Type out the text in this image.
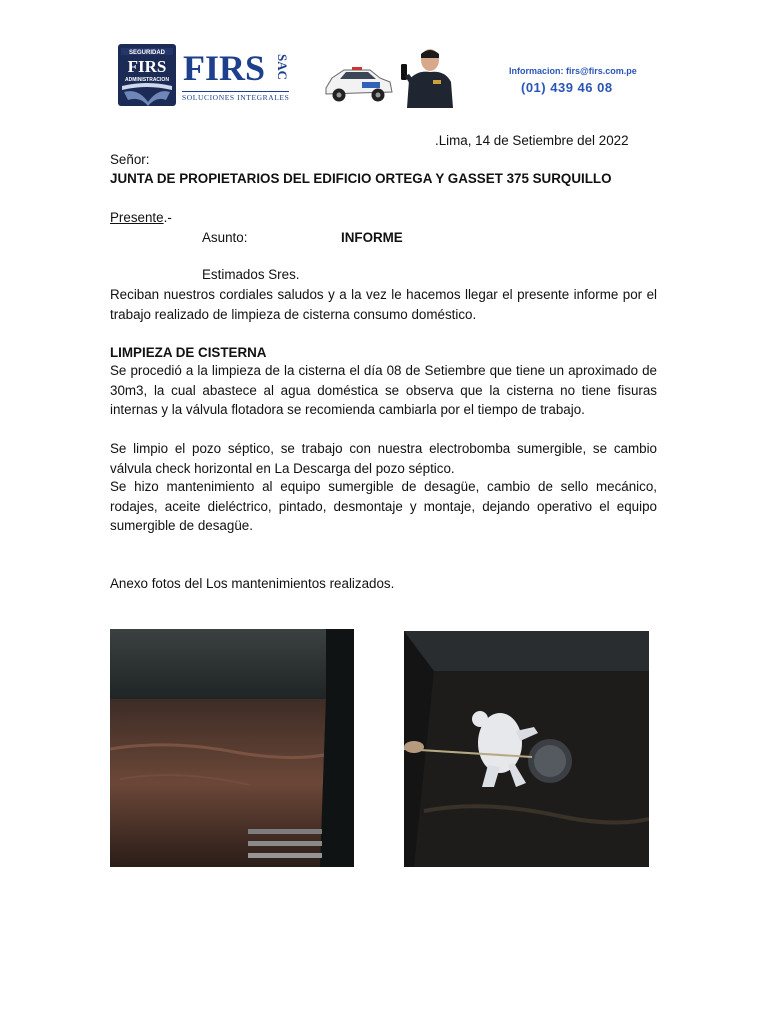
SEGURIDAD
FIRS
ADMINISTRACION FIRS SAC
SOLUCIONES INTEGRALES
Informacion: firs@firs.com.pe
(01) 439 46 08
.Lima, 14 de Setiembre del 2022
Señor:
JUNTA DE PROPIETARIOS DEL EDIFICIO ORTEGA Y GASSET 375 SURQUILLO
Presente.-
Asunto:	INFORME
Estimados Sres.
Reciban nuestros cordiales saludos y a la vez le hacemos llegar el presente informe por el trabajo realizado de limpieza de cisterna consumo doméstico.
LIMPIEZA DE CISTERNA
Se procedió a la limpieza de la cisterna el día 08 de Setiembre que tiene un aproximado de 30m3, la cual abastece al agua doméstica se observa que la cisterna no tiene fisuras internas y la válvula flotadora se recomienda cambiarla por el tiempo de trabajo.
Se limpio el pozo séptico, se trabajo con nuestra electrobomba sumergible, se cambio válvula check horizontal en La Descarga del pozo séptico.
Se hizo mantenimiento al equipo sumergible de desagüe, cambio de sello mecánico, rodajes, aceite dieléctrico, pintado, desmontaje y montaje, dejando operativo el equipo sumergible de desagüe.
Anexo fotos del Los mantenimientos realizados.
